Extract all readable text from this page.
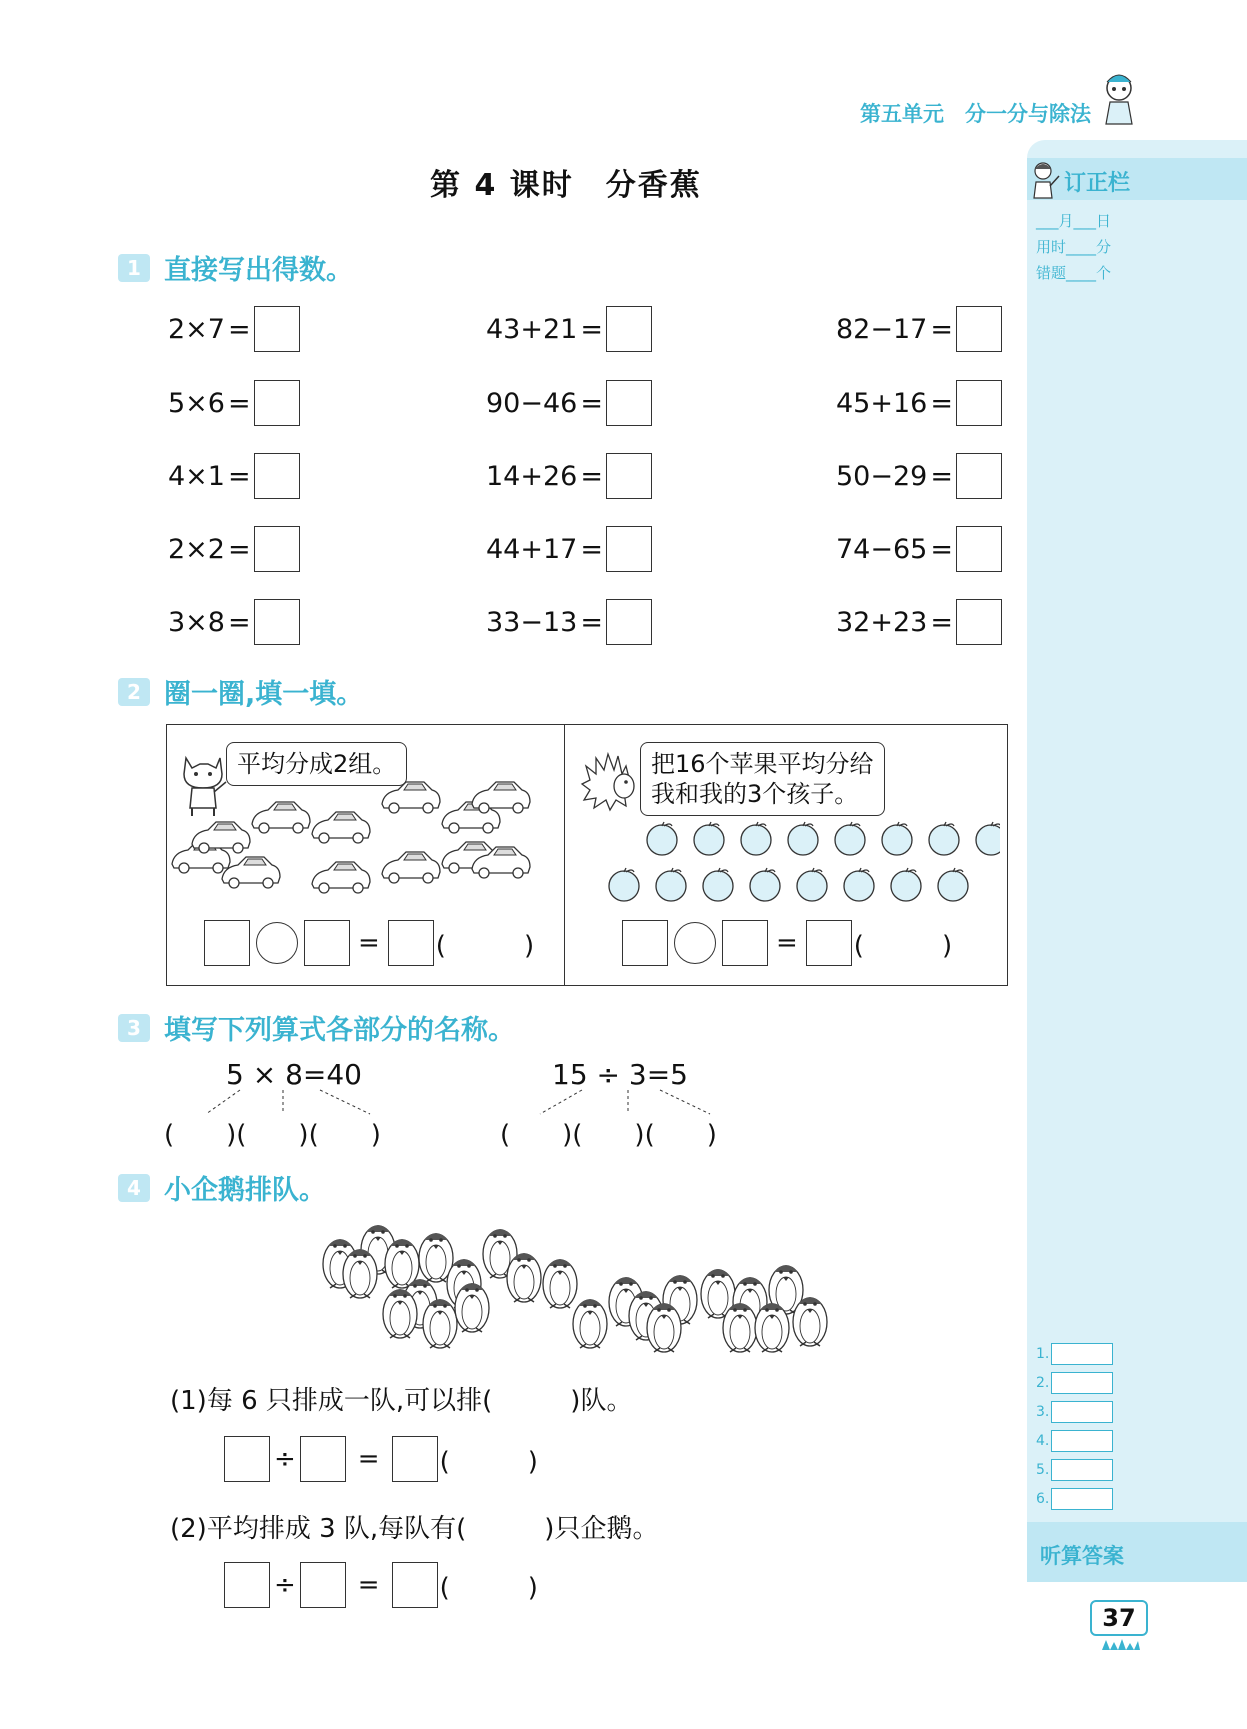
第五单元　分一分与除法
第 4 课时　分香蕉	订正栏
___月___日
用时____分
错题____个
1.
2.
3.
4.
5.
6.
听算答案
37
1 直接写出得数。
2×7 =
5×6 =
4×1 =
2×2 =
3×8 =
43+21 =
90−46 =
14+26 =
44+17 =
33−13 =
82−17 =
45+16 =
50−29 =
74−65 =
32+23 =
2 圈一圈,填一填。
平均分成2组。
= (　　　)
把16个苹果平均分给
我和我的3个孩子。
= (　　　)
3 填写下列算式各部分的名称。
5 × 8=40
(　　)(　　)(　　)
15 ÷ 3=5
(　　)(　　)(　　)
4 小企鹅排队。
(1)每 6 只排成一队,可以排(　　　)队。
÷ = (　　　)
(2)平均排成 3 队,每队有(　　　)只企鹅。
÷ = (　　　)
